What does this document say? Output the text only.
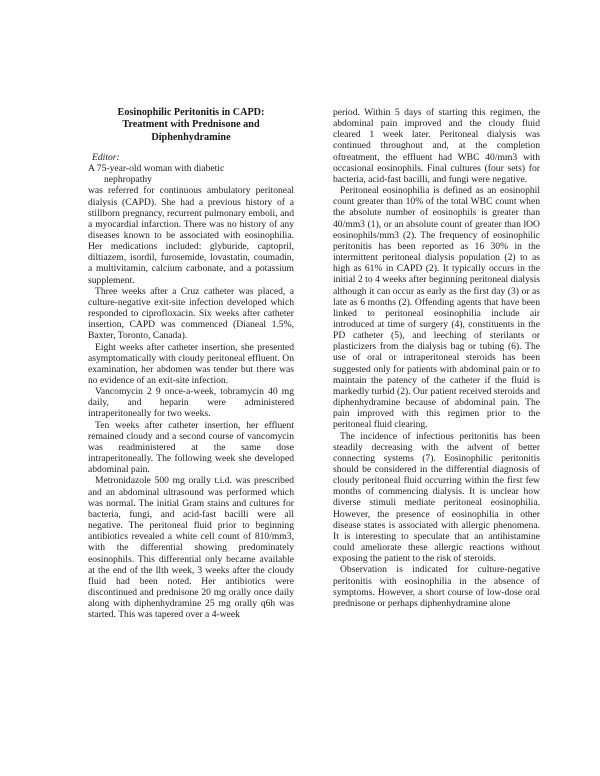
Eosinophilic Peritonitis in CAPD:
Treatment with Prednisone and
Diphenhydramine

Editor:

A 75-year-old woman with diabetic
nephropathy

was referred for continuous ambulatory peritoneal dialysis (CAPD). She had a previous history of a stillborn pregnancy, recurrent pulmonary emboli, and a myocardial infarction. There was no history of any diseases known to be associated with eosinophilia. Her medications included: glyburide, captopril, diltiazem, isordil, furosemide, lovastatin, coumadin, a multivitamin, calcium carbonate, and a potassium supplement.

Three weeks after a Cruz catheter was placed, a culture-negative exit-site infection developed which responded to ciprofloxacin. Six weeks after catheter insertion, CAPD was commenced (Dianeal 1.5%, Baxter, Toronto, Canada).

Eight weeks after catheter insertion, she presented asymptomatically with cloudy peritoneal effluent. On examination, her abdomen was tender but there was no evidence of an exit-site infection.

Vancomycin 2 9 once-a-week, tobramycin 40 mg daily, and heparin were administered intraperitoneally for two weeks.

Ten weeks after catheter insertion, her effluent remained cloudy and a second course of vancomycin was readministered at the same dose intraperitoneally. The following week she developed abdominal pain.

Metronidazole 500 mg orally t.i.d. was prescribed and an abdominal ultrasound was performed which was normal. The initial Gram stains and cultures for bacteria, fungi, and acid-fast bacilli were all negative. The peritoneal fluid prior to beginning antibiotics revealed a white cell count of 810/mm3, with the differential showing predominately eosinophils. This differential only became available at the end of the llth week, 3 weeks after the cloudy fluid had been noted. Her antibiotics were discontinued and prednisone 20 mg orally once daily along with diphenhydramine 25 mg orally q6h was started. This was tapered over a 4-week

period. Within 5 days of starting this regimen, the abdominal pain improved and the cloudy fluid cleared 1 week later. Peritoneal dialysis was continued throughout and, at the completion oftreatment, the effluent had WBC 40/mm3 with occasional eosinophils. Final cultures (four sets) for bacteria, acid-fast bacilli, and fungi were negative.

Peritoneal eosinophilia is defined as an eosinophil count greater than 10% of the total WBC count when the absolute number of eosinophils is greater than 40/mm3 (1), or an absolute count of greater than lOO eosinophils/mm3 (2). The frequency of eosinophilic peritonitis has been reported as 16 30% in the intermittent peritoneal dialysis population (2) to as high as 61% in CAPD (2). It typically occurs in the initial 2 to 4 weeks after beginning peritoneal dialysis although it can occur as early as the first day (3) or as late as 6 months (2). Offending agents that have been linked to peritoneal eosinophilia include air introduced at time of surgery (4), constituents in the PD catheter (5), and leeching of sterilants or plasticizers from the dialysis bag or tubing (6). The use of oral or intraperitoneal steroids has been suggested only for patients with abdominal pain or to maintain the patency of the catheter if the fluid is markedly turbid (2). Our patient received steroids and diphenhydramine because of abdominal pain. The pain improved with this regimen prior to the peritoneal fluid clearing.

The incidence of infectious peritonitis has been steadily decreasing with the advent of better connecting systems (7). Eosinophilic peritonitis should be considered in the differential diagnosis of cloudy peritoneal fluid occurring within the first few months of commencing dialysis. It is unclear how diverse stimuli mediate peritoneal eosinophilia. However, the presence of eosinophilia in other disease states is associated with allergic phenomena. It is interesting to speculate that an antihistamine could ameliorate these allergic reactions without exposing the patient to the risk of steroids.

Observation is indicated for culture-negative peritonitis with eosinophilia in the absence of symptoms. However, a short course of low-dose oral prednisone or perhaps diphenhydramine alone
